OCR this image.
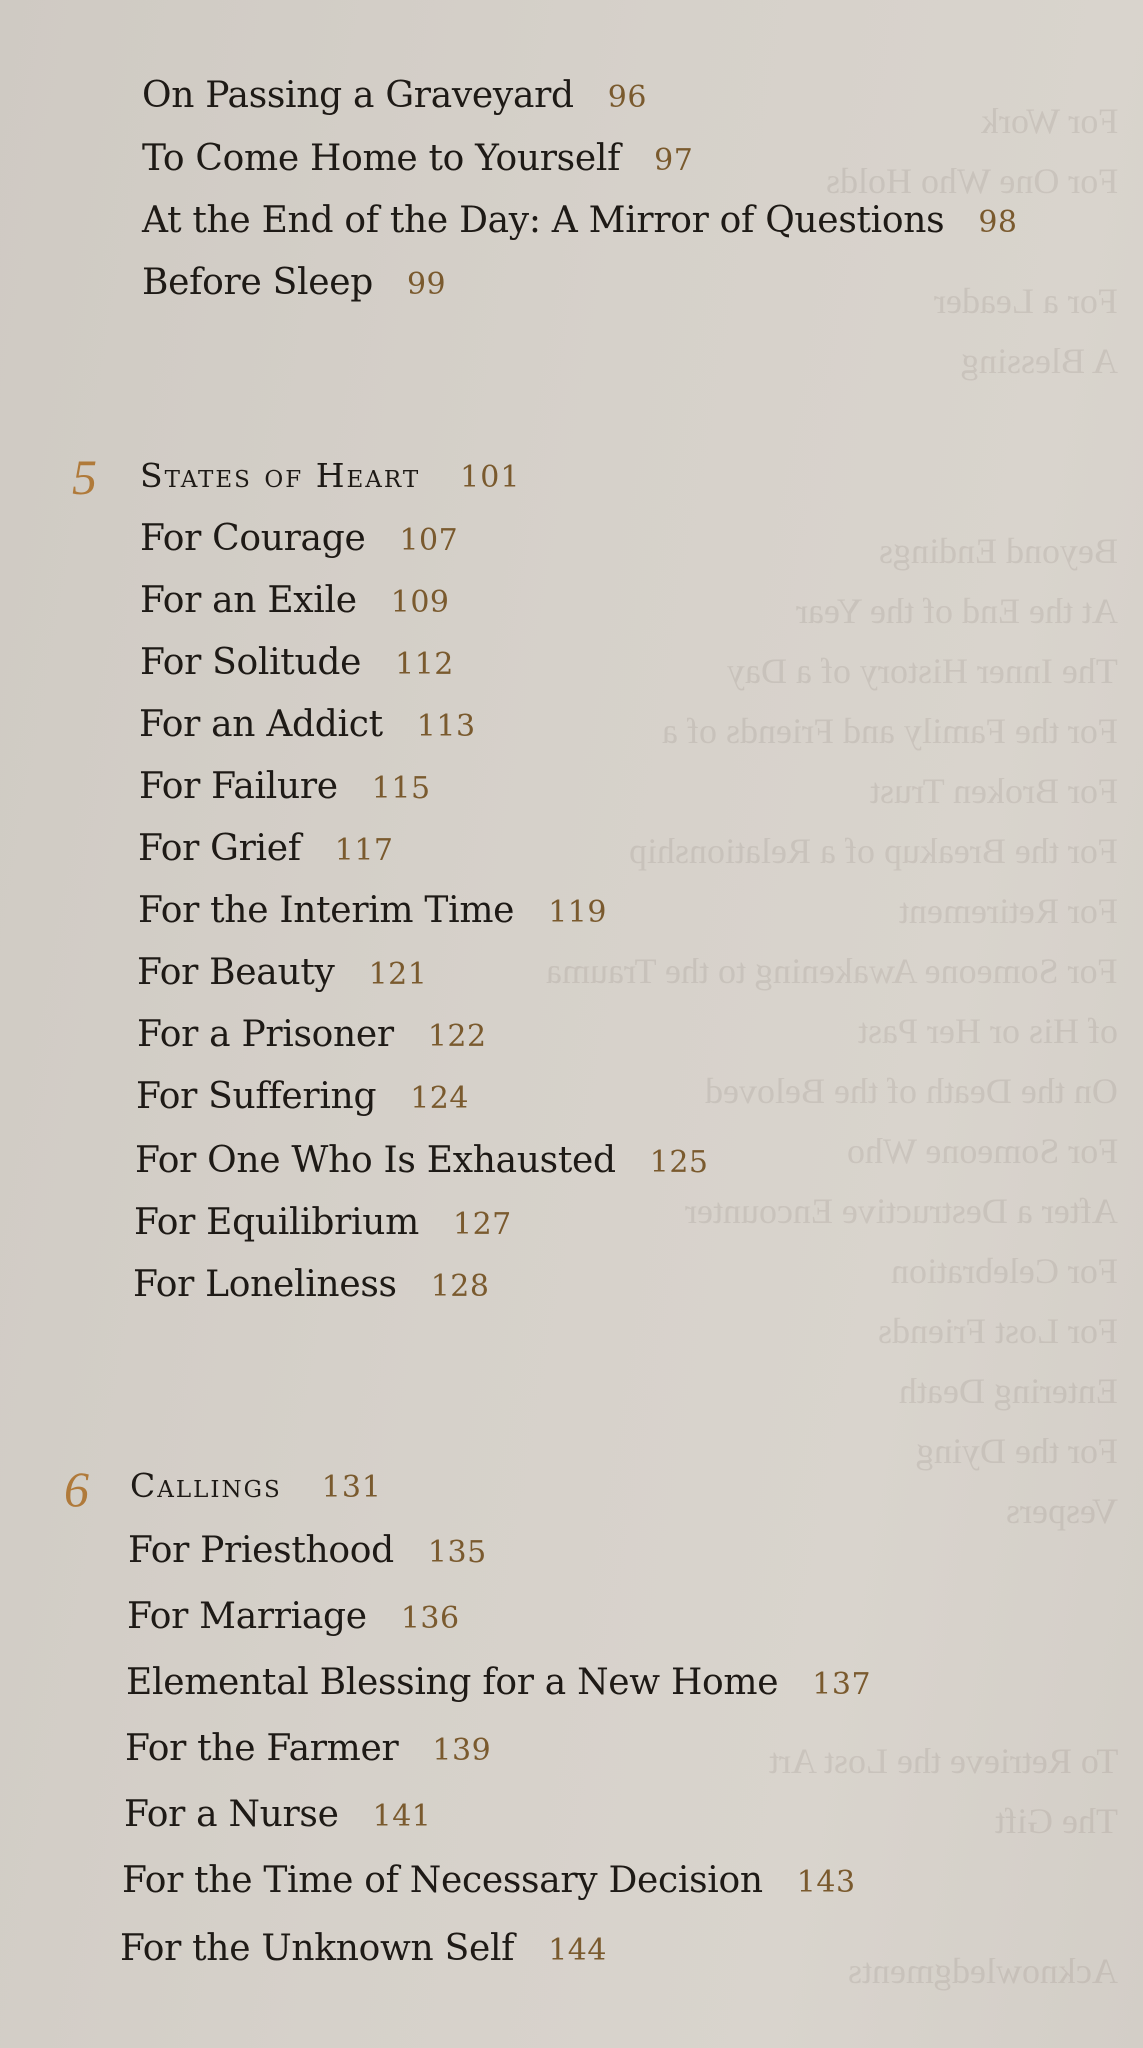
For Work
For One Who Holds
For a Leader
A Blessing
Beyond Endings
At the End of the Year
The Inner History of a Day
For the Family and Friends of a
For Broken Trust
For the Breakup of a Relationship
For Retirement
For Someone Awakening to the Trauma
of His or Her Past
On the Death of the Beloved
For Someone Who
After a Destructive Encounter
For Celebration
For Lost Friends
Entering Death
For the Dying
Vespers
To Retrieve the Lost Art
The Gift
Acknowledgments
On Passing a Graveyard 96
To Come Home to Yourself 97
At the End of the Day: A Mirror of Questions 98
Before Sleep 99
5 States of Heart 101
For Courage 107
For an Exile 109
For Solitude 112
For an Addict 113
For Failure 115
For Grief 117
For the Interim Time 119
For Beauty 121
For a Prisoner 122
For Suffering 124
For One Who Is Exhausted 125
For Equilibrium 127
For Loneliness 128
6 Callings 131
For Priesthood 135
For Marriage 136
Elemental Blessing for a New Home 137
For the Farmer 139
For a Nurse 141
For the Time of Necessary Decision 143
For the Unknown Self 144
